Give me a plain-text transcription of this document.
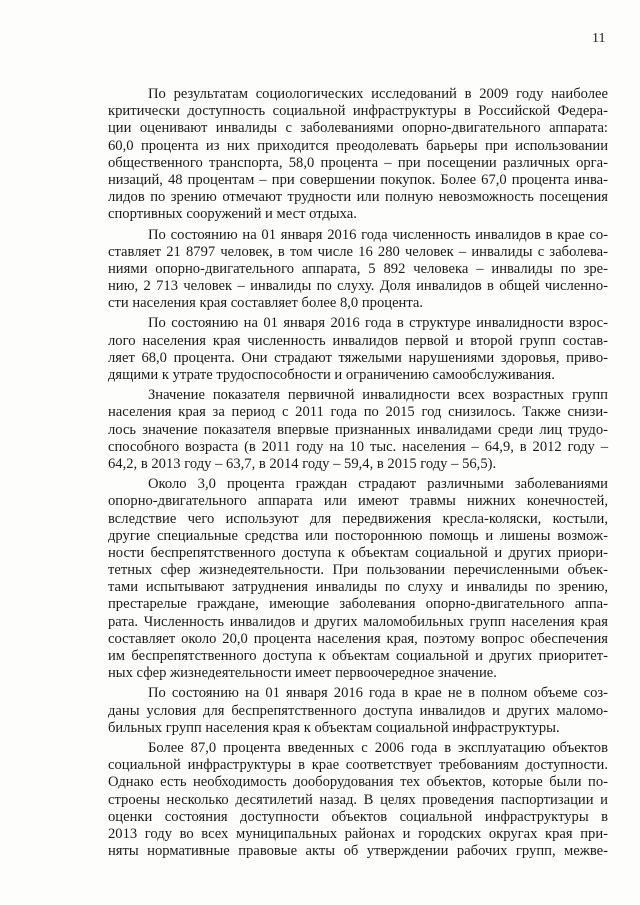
11
По результатам социологических исследований в 2009 году наиболее
критически доступность социальной инфраструктуры в Российской Федера-
ции оценивают инвалиды с заболеваниями опорно-двигательного аппарата:
60,0 процента из них приходится преодолевать барьеры при использовании
общественного транспорта, 58,0 процента – при посещении различных орга-
низаций, 48 процентам – при совершении покупок. Более 67,0 процента инва-
лидов по зрению отмечают трудности или полную невозможность посещения
спортивных сооружений и мест отдыха.
По состоянию на 01 января 2016 года численность инвалидов в крае со-
ставляет 21 8797 человек, в том числе 16 280 человек – инвалиды с заболева-
ниями опорно-двигательного аппарата, 5 892 человека – инвалиды по зре-
нию, 2 713 человек – инвалиды по слуху. Доля инвалидов в общей численно-
сти населения края составляет более 8,0 процента.
По состоянию на 01 января 2016 года в структуре инвалидности взрос-
лого населения края численность инвалидов первой и второй групп состав-
ляет 68,0 процента. Они страдают тяжелыми нарушениями здоровья, приво-
дящими к утрате трудоспособности и ограничению самообслуживания.
Значение показателя первичной инвалидности всех возрастных групп
населения края за период с 2011 года по 2015 год снизилось. Также снизи-
лось значение показателя впервые признанных инвалидами среди лиц трудо-
способного возраста (в 2011 году на 10 тыс. населения – 64,9, в 2012 году –
64,2, в 2013 году – 63,7, в 2014 году – 59,4, в 2015 году – 56,5).
Около 3,0 процента граждан страдают различными заболеваниями
опорно-двигательного аппарата или имеют травмы нижних конечностей,
вследствие чего используют для передвижения кресла-коляски, костыли,
другие специальные средства или постороннюю помощь и лишены возмож-
ности беспрепятственного доступа к объектам социальной и других приори-
тетных сфер жизнедеятельности. При пользовании перечисленными объек-
тами испытывают затруднения инвалиды по слуху и инвалиды по зрению,
престарелые граждане, имеющие заболевания опорно-двигательного аппа-
рата. Численность инвалидов и других маломобильных групп населения края
составляет около 20,0 процента населения края, поэтому вопрос обеспечения
им беспрепятственного доступа к объектам социальной и других приоритет-
ных сфер жизнедеятельности имеет первоочередное значение.
По состоянию на 01 января 2016 года в крае не в полном объеме соз-
даны условия для беспрепятственного доступа инвалидов и других маломо-
бильных групп населения края к объектам социальной инфраструктуры.
Более 87,0 процента введенных с 2006 года в эксплуатацию объектов
социальной инфраструктуры в крае соответствует требованиям доступности.
Однако есть необходимость дооборудования тех объектов, которые были по-
строены несколько десятилетий назад. В целях проведения паспортизации и
оценки состояния доступности объектов социальной инфраструктуры в
2013 году во всех муниципальных районах и городских округах края при-
няты нормативные правовые акты об утверждении рабочих групп, межве-
